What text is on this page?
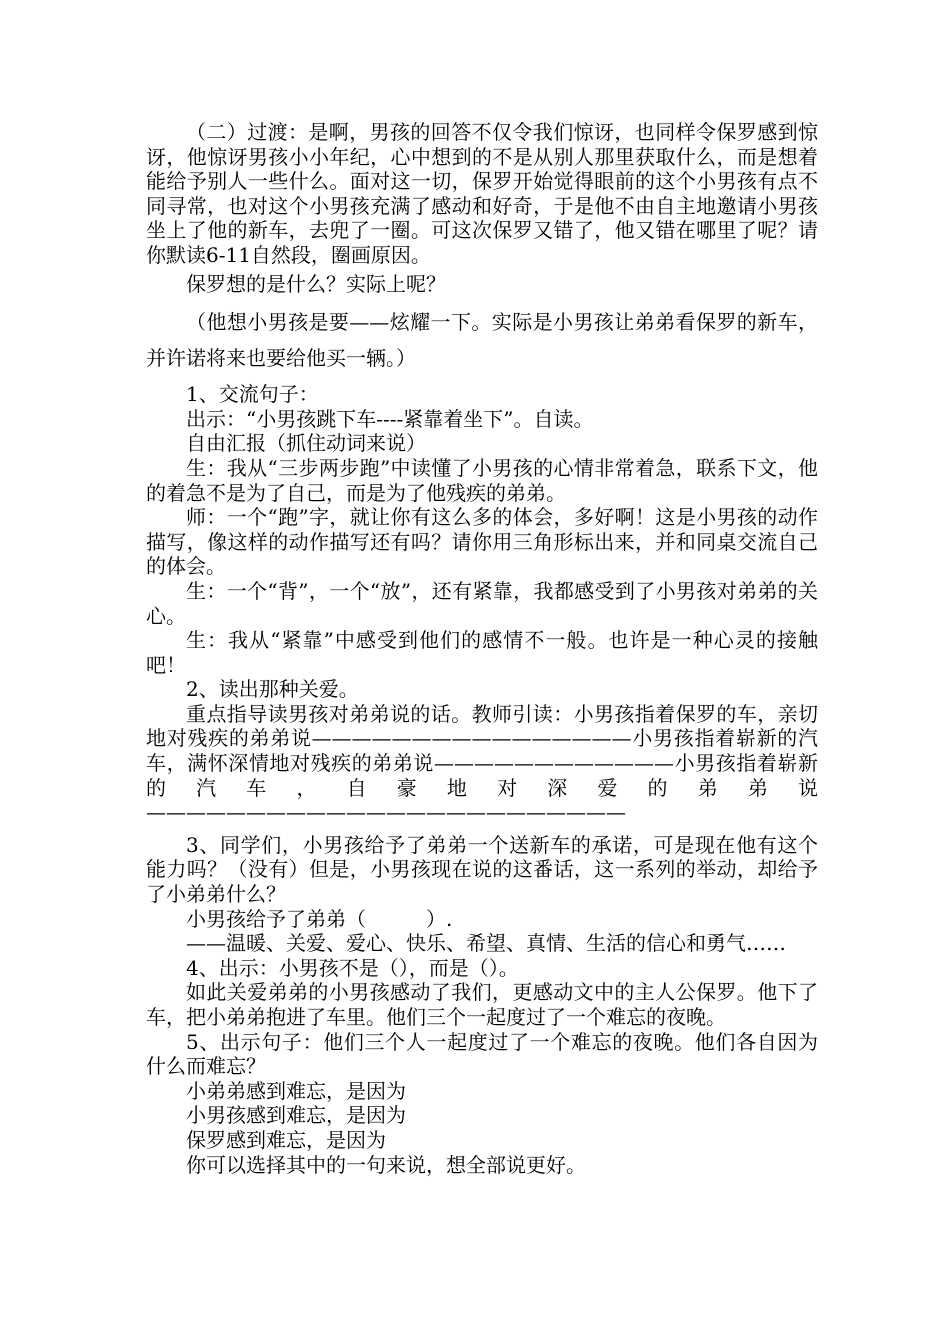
（二）过渡：是啊，男孩的回答不仅令我们惊讶，也同样令保罗感到惊讶，他惊讶男孩小小年纪，心中想到的不是从别人那里获取什么，而是想着能给予别人一些什么。面对这一切，保罗开始觉得眼前的这个小男孩有点不同寻常，也对这个小男孩充满了感动和好奇，于是他不由自主地邀请小男孩坐上了他的新车，去兜了一圈。可这次保罗又错了，他又错在哪里了呢？请你默读6-11自然段，圈画原因。

保罗想的是什么？实际上呢？

（他想小男孩是要——炫耀一下。实际是小男孩让弟弟看保罗的新车，并许诺将来也要给他买一辆。）

1、交流句子：

出示：“小男孩跳下车----紧靠着坐下”。自读。

自由汇报（抓住动词来说）

生：我从“三步两步跑”中读懂了小男孩的心情非常着急，联系下文，他的着急不是为了自己，而是为了他残疾的弟弟。

师：一个“跑”字，就让你有这么多的体会，多好啊！这是小男孩的动作描写，像这样的动作描写还有吗？请你用三角形标出来，并和同桌交流自己的体会。

生：一个“背”，一个“放”，还有紧靠，我都感受到了小男孩对弟弟的关心。

生：我从“紧靠”中感受到他们的感情不一般。也许是一种心灵的接触吧！

2、读出那种关爱。

重点指导读男孩对弟弟说的话。教师引读：小男孩指着保罗的车，亲切地对残疾的弟弟说————————————————小男孩指着崭新的汽车，满怀深情地对残疾的弟弟说————————————小男孩指着崭新的汽车，自豪地对深爱的弟弟说————————————————————————

3、同学们，小男孩给予了弟弟一个送新车的承诺，可是现在他有这个能力吗？（没有）但是，小男孩现在说的这番话，这一系列的举动，却给予了小弟弟什么？

小男孩给予了弟弟（　　　）.

——温暖、关爱、爱心、快乐、希望、真情、生活的信心和勇气……

4、出示：小男孩不是（），而是（）。

如此关爱弟弟的小男孩感动了我们，更感动文中的主人公保罗。他下了车，把小弟弟抱进了车里。他们三个一起度过了一个难忘的夜晚。

5、出示句子：他们三个人一起度过了一个难忘的夜晚。他们各自因为什么而难忘？

小弟弟感到难忘，是因为

小男孩感到难忘，是因为

保罗感到难忘，是因为

你可以选择其中的一句来说，想全部说更好。
